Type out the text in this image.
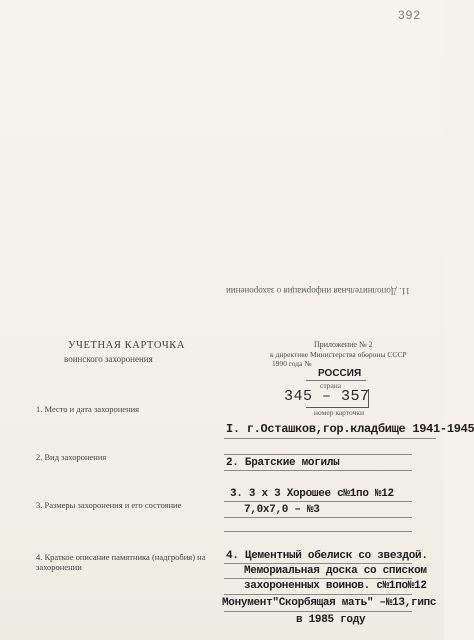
392
11. Дополнительная информация о захоронении
УЧЕТНАЯ КАРТОЧКА
воинского захоронения
Приложение № 2
к директиве Министерства обороны СССР
1990 года №
РОССИЯ
страна
345 – 357
номер карточки
1. Место и дата захоронения
I. г.Осташков,гор.кладбище 1941-1945
2. Вид захоронения	2. Братские могилы
3. Размеры захоронения и его состояние
3. 3 х 3 Хорошее с№1по №12
7,0х7,0 – №3
4. Краткое описание памятника (надгробия) на
захоронении
4. Цементный обелиск со звездой.
Мемориальная доска со списком
захороненных воинов. с№1по№12
Монумент"Скорбящая мать" –№13,гипс
в 1985 году
